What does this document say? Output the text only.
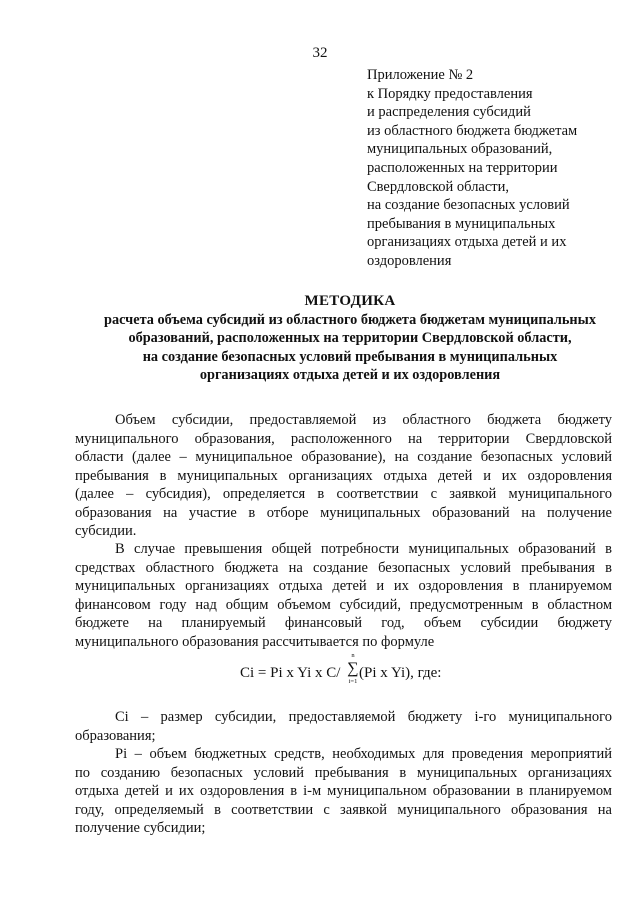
32
Приложение № 2
к Порядку предоставления
и распределения субсидий
из областного бюджета бюджетам
муниципальных образований,
расположенных на территории
Свердловской области,
на создание безопасных условий
пребывания в муниципальных
организациях отдыха детей и их
оздоровления
МЕТОДИКА
расчета объема субсидий из областного бюджета бюджетам муниципальных
образований, расположенных на территории Свердловской области,
на создание безопасных условий пребывания в муниципальных
организациях отдыха детей и их оздоровления
Объем субсидии, предоставляемой из областного бюджета бюджету
муниципального образования, расположенного на территории Свердловской
области (далее – муниципальное образование), на создание безопасных условий
пребывания в муниципальных организациях отдыха детей и их оздоровления
(далее – субсидия), определяется в соответствии с заявкой муниципального
образования на участие в отборе муниципальных образований на получение
субсидии.
В случае превышения общей потребности муниципальных образований в
средствах областного бюджета на создание безопасных условий пребывания в
муниципальных организациях отдыха детей и их оздоровления в планируемом
финансовом году над общим объемом субсидий, предусмотренным в областном
бюджете на планируемый финансовый год, объем субсидии бюджету
муниципального образования рассчитывается по формуле
Ci = Pi x Yi x C/
n
∑
i=1
(Pi x Yi), где:
Ci – размер субсидии, предоставляемой бюджету i-го муниципального
образования;
Pi – объем бюджетных средств, необходимых для проведения мероприятий
по созданию безопасных условий пребывания в муниципальных организациях
отдыха детей и их оздоровления в i-м муниципальном образовании в планируемом
году, определяемый в соответствии с заявкой муниципального образования на
получение субсидии;
